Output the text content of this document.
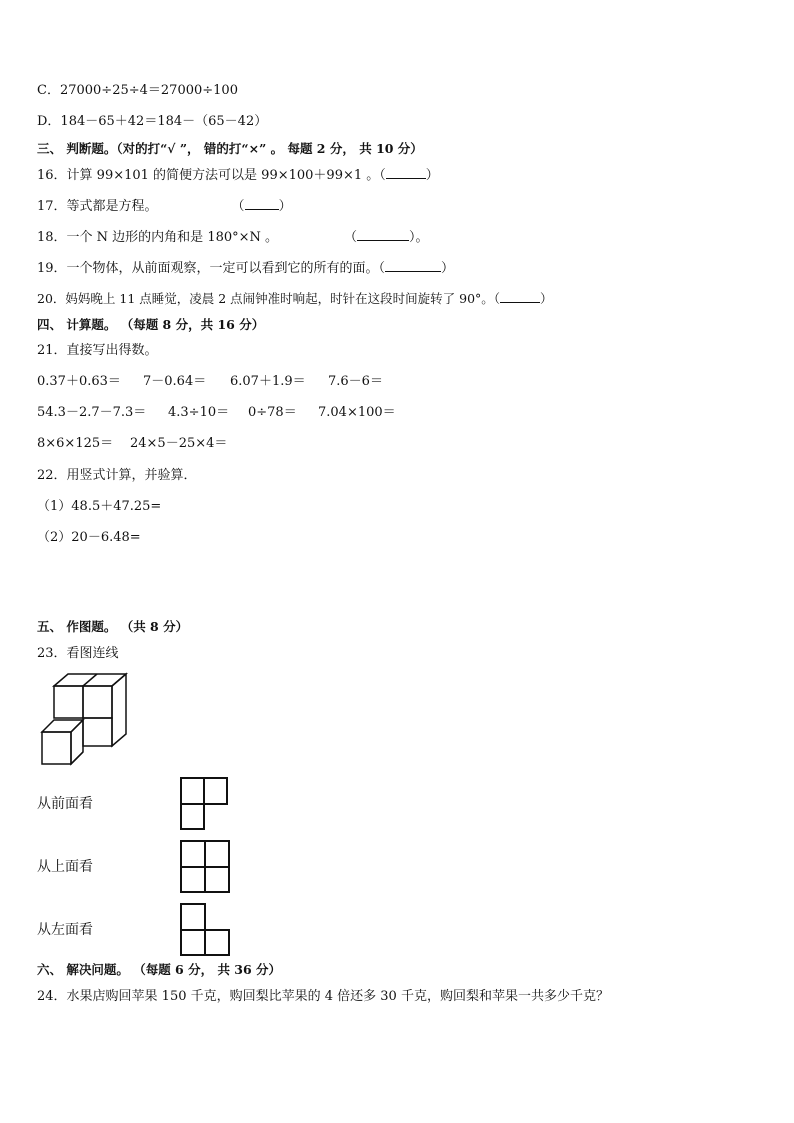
C．27000÷25÷4＝27000÷100
D．184－65＋42＝184－（65－42）
三、 判断题。（对的打“√ ”， 错的打“×” 。 每题 2 分， 共 10 分）
16．计算 99×101 的简便方法可以是 99×100＋99×1 。（	）
17．等式都是方程。	（	）
18．一个 N 边形的内角和是 180°×N 。	（	）。
19．一个物体，从前面观察，一定可以看到它的所有的面。（	）
20．妈妈晚上 11 点睡觉，凌晨 2 点闹钟准时响起，时针在这段时间旋转了 90°。（	）
四、 计算题。 （每题 8 分，共 16 分）
21．直接写出得数。
0.37＋0.63＝ 7－0.64＝ 6.07＋1.9＝ 7.6－6＝
54.3－2.7－7.3＝ 4.3÷10＝ 0÷78＝ 7.04×100＝
8×6×125＝ 24×5－25×4＝
22．用竖式计算，并验算．
（1）48.5＋47.25=
（2）20－6.48=
五、 作图题。 （共 8 分）
23．看图连线
从前面看
从上面看
从左面看
六、 解决问题。 （每题 6 分， 共 36 分）
24．水果店购回苹果 150 千克，购回梨比苹果的 4 倍还多 30 千克，购回梨和苹果一共多少千克？
